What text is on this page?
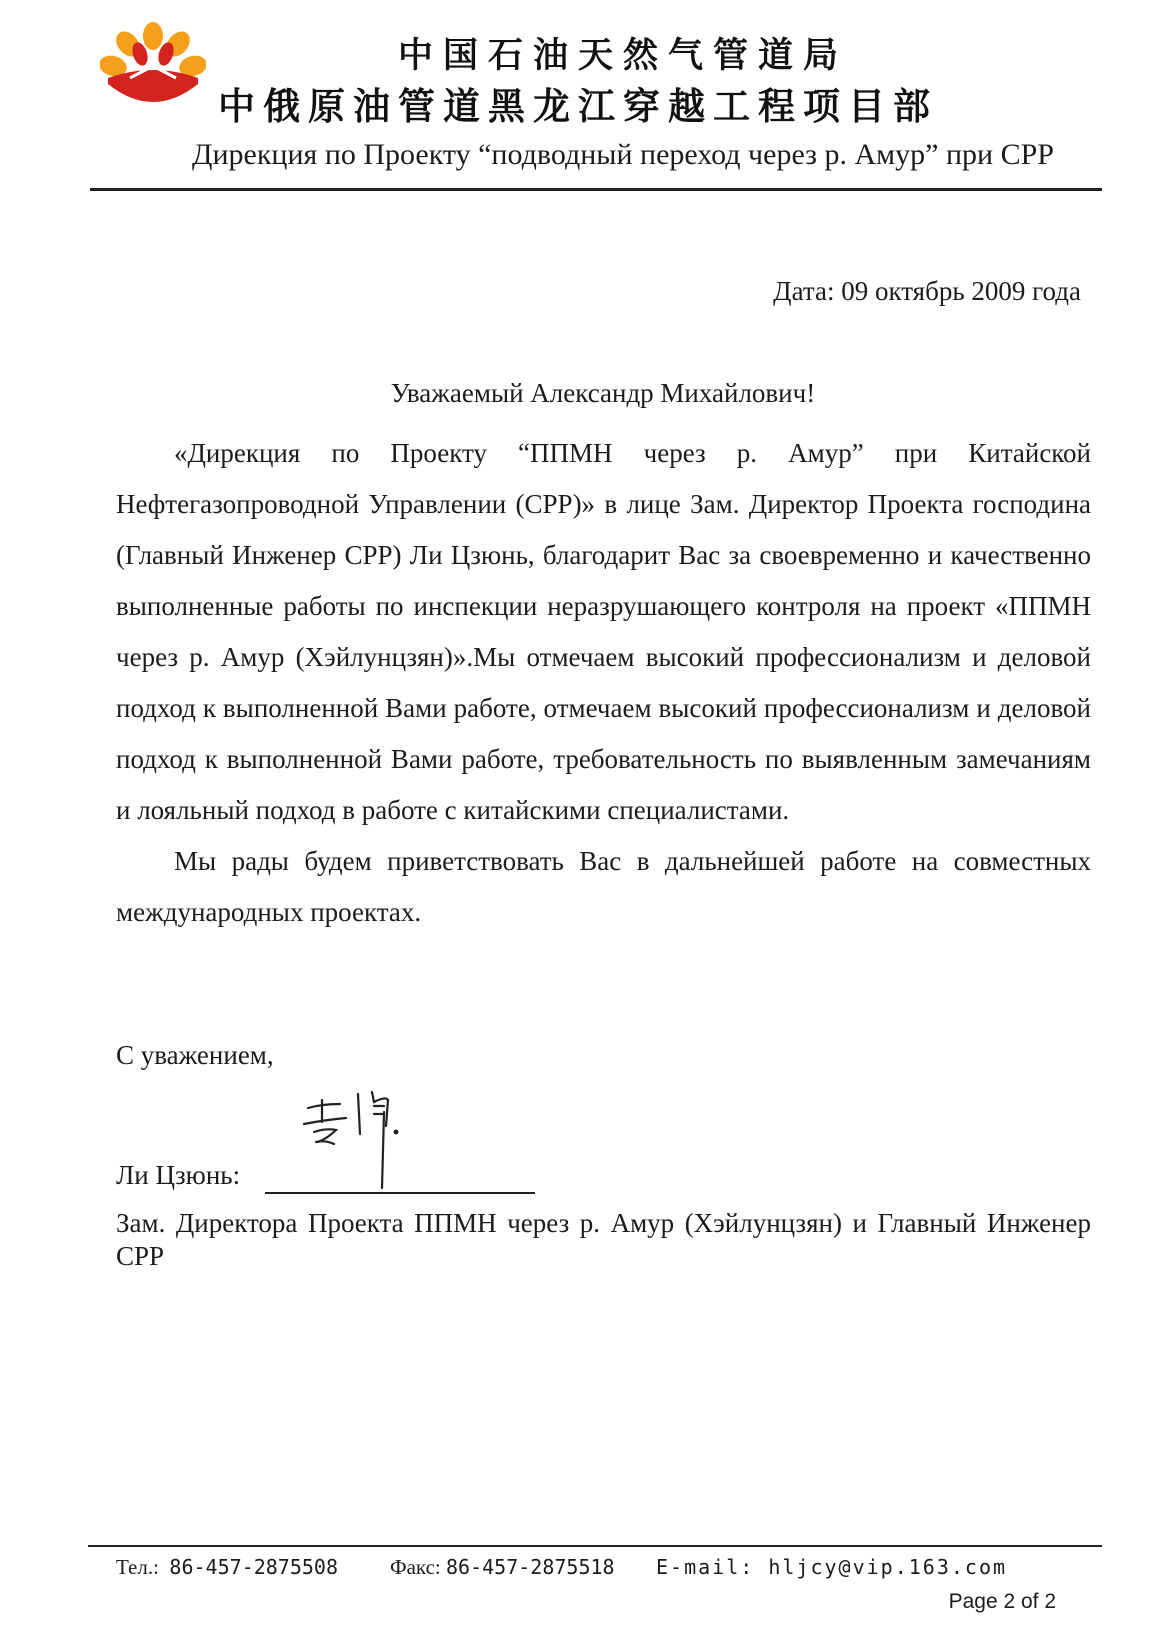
中国石油天然气管道局
中俄原油管道黑龙江穿越工程项目部
Дирекция по Проекту “подводный переход через р. Амур” при CPP
Дата: 09 октябрь 2009 года
Уважаемый Александр Михайлович!

«Дирекция по Проекту “ППМН через р. Амур” при Китайской Нефтегазопроводной Управлении (CPP)» в лице Зам. Директор Проекта господина (Главный Инженер CPP) Ли Цзюнь, благодарит Вас за своевременно и качественно выполненные работы по инспекции неразрушающего контроля на проект «ППМН через р. Амур (Хэйлунцзян)».Мы отмечаем высокий профессионализм и деловой подход к выполненной Вами работе, отмечаем высокий профессионализм и деловой подход к выполненной Вами работе, требовательность по выявленным замечаниям и лояльный подход в работе с китайскими специалистами.

Мы рады будем приветствовать Вас в дальнейшей работе на совместных международных проектах.

С уважением,
Ли Цзюнь:
Зам. Директора Проекта ППМН через р. Амур (Хэйлунцзян) и Главный Инженер CPP
Тел.: 86-457-2875508 Факс: 86-457-2875518 E-mail: hljcy@vip.163.com
Page 2 of 2
